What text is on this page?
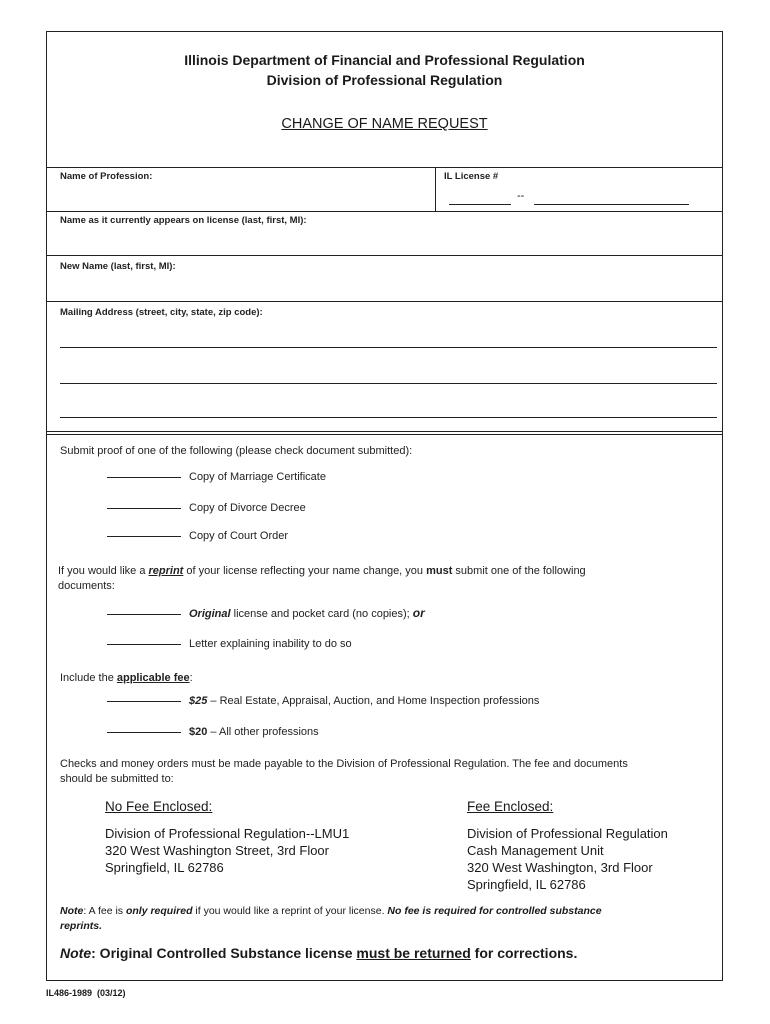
Illinois Department of Financial and Professional Regulation
Division of Professional Regulation
CHANGE OF NAME REQUEST
Name of Profession:	IL License #
--
Name as it currently appears on license (last, first, MI):
New Name (last, first, MI):
Mailing Address (street, city, state, zip code):
Submit proof of one of the following (please check document submitted):
Copy of Marriage Certificate
Copy of Divorce Decree
Copy of Court Order
If you would like a reprint of your license reflecting your name change, you must submit one of the following
documents:
Original license and pocket card (no copies); or
Letter explaining inability to do so
Include the applicable fee:
$25 – Real Estate, Appraisal, Auction, and Home Inspection professions
$20 – All other professions
Checks and money orders must be made payable to the Division of Professional Regulation. The fee and documents
should be submitted to:
No Fee Enclosed:
Division of Professional Regulation--LMU1
320 West Washington Street, 3rd Floor
Springfield, IL 62786
Fee Enclosed:
Division of Professional Regulation
Cash Management Unit
320 West Washington, 3rd Floor
Springfield, IL 62786
Note: A fee is only required if you would like a reprint of your license. No fee is required for controlled substance
reprints.
Note: Original Controlled Substance license must be returned for corrections.
IL486-1989  (03/12)
